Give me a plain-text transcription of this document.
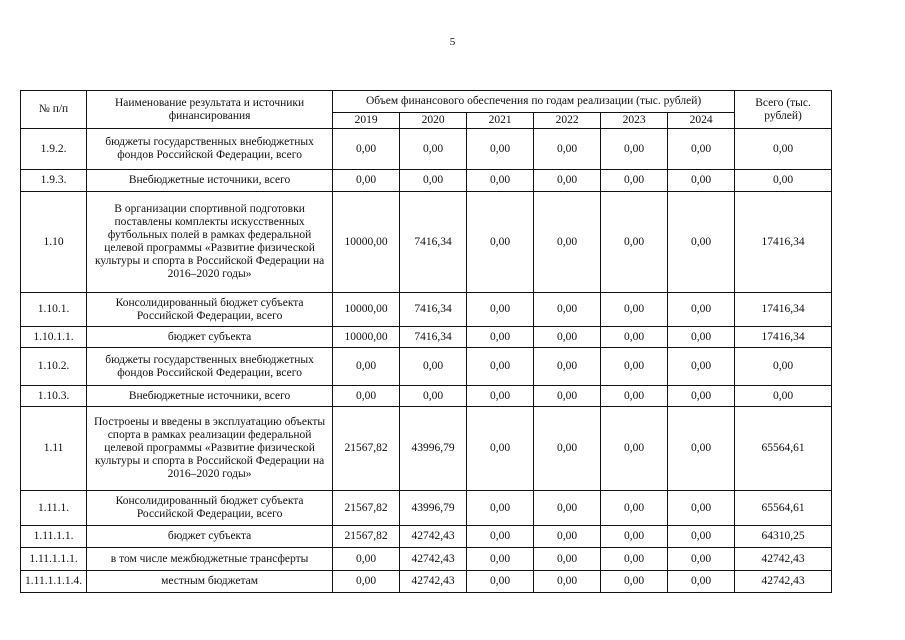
5
№ п/п	Наименование результата и источники финансирования	Объем финансового обеспечения по годам реализации (тыс. рублей)						Всего (тыс. рублей)
		2019	2020	2021	2022	2023	2024	
1.9.2.	бюджеты государственных внебюджетных фондов Российской Федерации, всего	0,00	0,00	0,00	0,00	0,00	0,00	0,00
1.9.3.	Внебюджетные источники, всего	0,00	0,00	0,00	0,00	0,00	0,00	0,00
1.10	В организации спортивной подготовки поставлены комплекты искусственных футбольных полей в рамках федеральной целевой программы «Развитие физической культуры и спорта в Российской Федерации на 2016–2020 годы»	10000,00	7416,34	0,00	0,00	0,00	0,00	17416,34
1.10.1.	Консолидированный бюджет субъекта Российской Федерации, всего	10000,00	7416,34	0,00	0,00	0,00	0,00	17416,34
1.10.1.1.	бюджет субъекта	10000,00	7416,34	0,00	0,00	0,00	0,00	17416,34
1.10.2.	бюджеты государственных внебюджетных фондов Российской Федерации, всего	0,00	0,00	0,00	0,00	0,00	0,00	0,00
1.10.3.	Внебюджетные источники, всего	0,00	0,00	0,00	0,00	0,00	0,00	0,00
1.11	Построены и введены в эксплуатацию объекты спорта в рамках реализации федеральной целевой программы «Развитие физической культуры и спорта в Российской Федерации на 2016–2020 годы»	21567,82	43996,79	0,00	0,00	0,00	0,00	65564,61
1.11.1.	Консолидированный бюджет субъекта Российской Федерации, всего	21567,82	43996,79	0,00	0,00	0,00	0,00	65564,61
1.11.1.1.	бюджет субъекта	21567,82	42742,43	0,00	0,00	0,00	0,00	64310,25
1.11.1.1.1.	в том числе межбюджетные трансферты	0,00	42742,43	0,00	0,00	0,00	0,00	42742,43
1.11.1.1.1.4.	местным бюджетам	0,00	42742,43	0,00	0,00	0,00	0,00	42742,43
